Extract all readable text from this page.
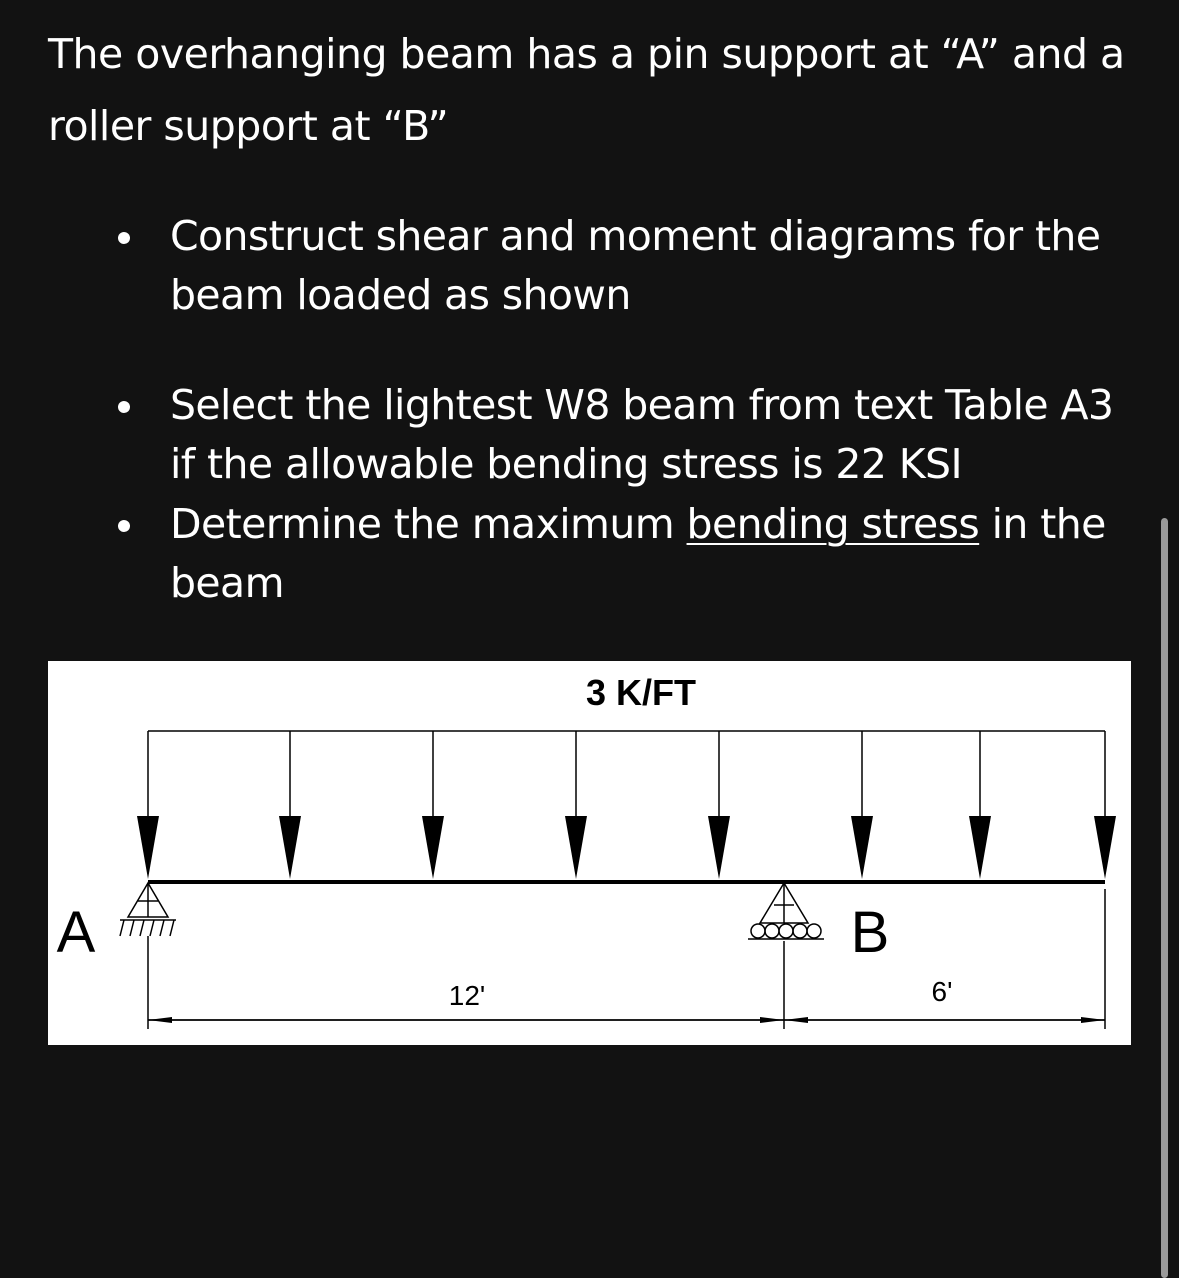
The overhanging beam has a pin support at “A” and a roller support at “B”

Construct shear and moment diagrams for the beam loaded as shown

Select the lightest W8 beam from text Table A3 if the allowable bending stress is 22 KSI

Determine the maximum bending stress in the beam

3 K/FT
A	B
12'	6'
